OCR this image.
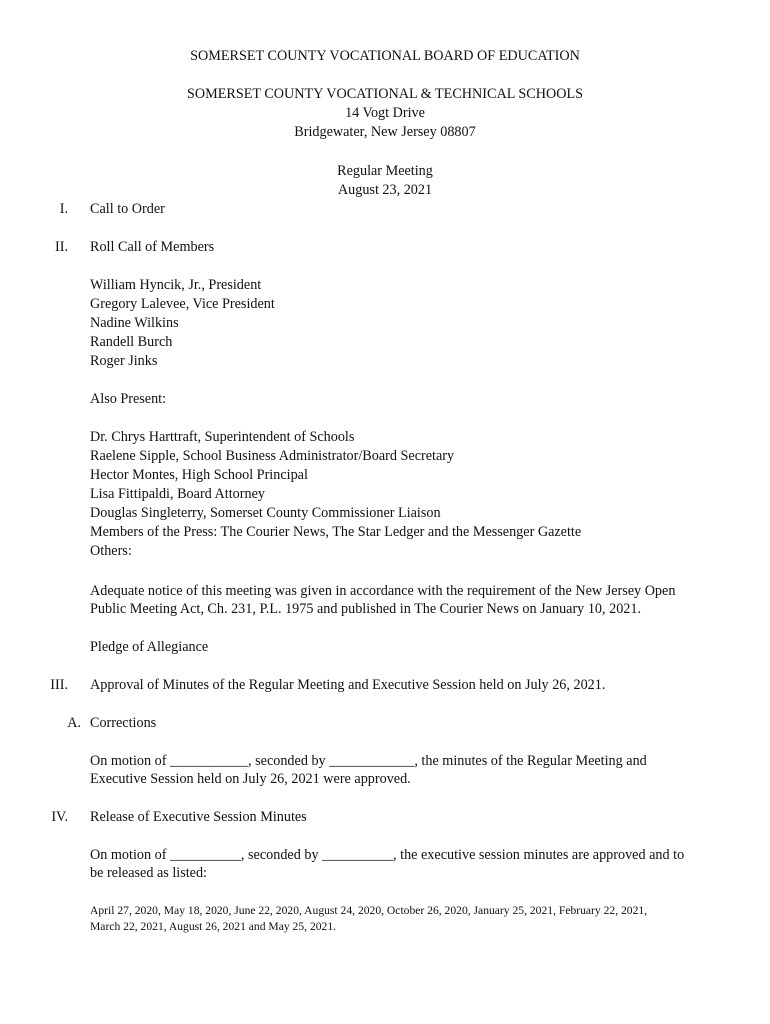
SOMERSET COUNTY VOCATIONAL BOARD OF EDUCATION
SOMERSET COUNTY VOCATIONAL & TECHNICAL SCHOOLS
14 Vogt Drive
Bridgewater, New Jersey 08807
Regular Meeting
August 23, 2021
I. Call to Order
II. Roll Call of Members
William Hyncik, Jr., President
Gregory Lalevee, Vice President
Nadine Wilkins
Randell Burch
Roger Jinks
Also Present:
Dr. Chrys Harttraft, Superintendent of Schools
Raelene Sipple, School Business Administrator/Board Secretary
Hector Montes, High School Principal
Lisa Fittipaldi, Board Attorney
Douglas Singleterry, Somerset County Commissioner Liaison
Members of the Press: The Courier News, The Star Ledger and the Messenger Gazette
Others:
Adequate notice of this meeting was given in accordance with the requirement of the New Jersey Open
Public Meeting Act, Ch. 231, P.L. 1975 and published in The Courier News on January 10, 2021.
Pledge of Allegiance
III. Approval of Minutes of the Regular Meeting and Executive Session held on July 26, 2021.
A. Corrections
On motion of ___________, seconded by ____________, the minutes of the Regular Meeting and
Executive Session held on July 26, 2021 were approved.
IV. Release of Executive Session Minutes
On motion of __________, seconded by __________, the executive session minutes are approved and to
be released as listed:
April 27, 2020, May 18, 2020, June 22, 2020, August 24, 2020, October 26, 2020, January 25, 2021, February 22, 2021,
March 22, 2021, August 26, 2021 and May 25, 2021.
